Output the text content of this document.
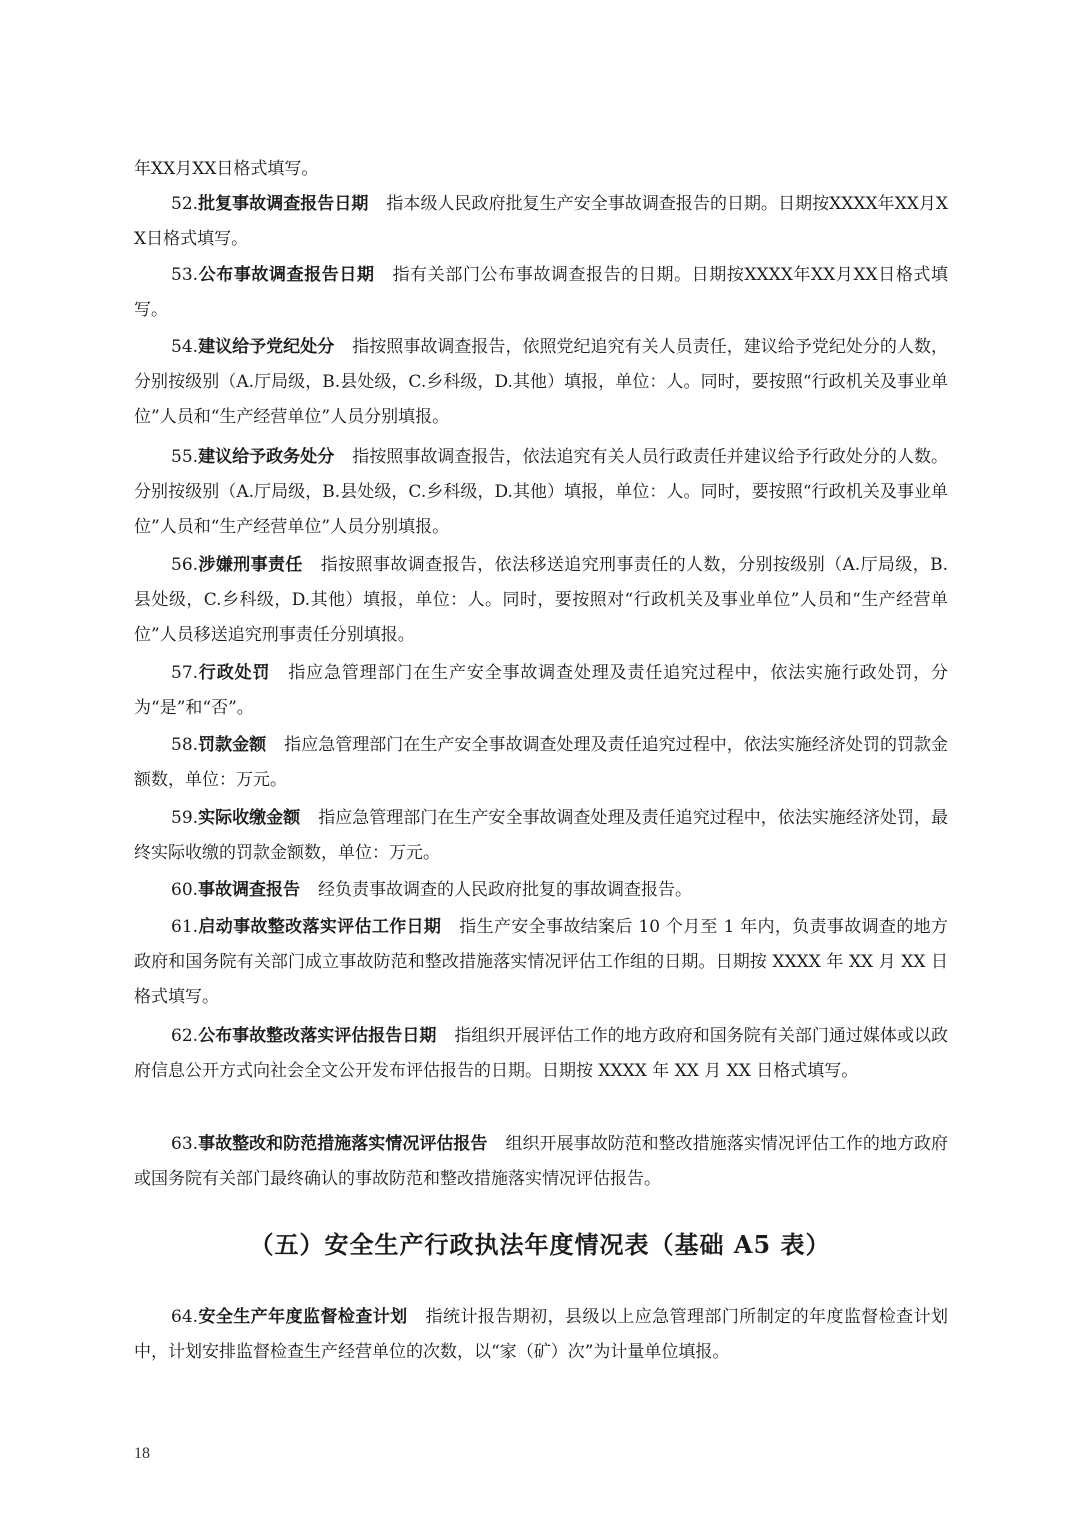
年XX月XX日格式填写。

52.批复事故调查报告日期 指本级人民政府批复生产安全事故调查报告的日期。日期按XXXX年XX月XX日格式填写。

53.公布事故调查报告日期 指有关部门公布事故调查报告的日期。日期按XXXX年XX月XX日格式填写。

54.建议给予党纪处分 指按照事故调查报告，依照党纪追究有关人员责任，建议给予党纪处分的人数，分别按级别（A.厅局级，B.县处级，C.乡科级，D.其他）填报，单位：人。同时，要按照“行政机关及事业单位”人员和“生产经营单位”人员分别填报。

55.建议给予政务处分 指按照事故调查报告，依法追究有关人员行政责任并建议给予行政处分的人数。分别按级别（A.厅局级，B.县处级，C.乡科级，D.其他）填报，单位：人。同时，要按照“行政机关及事业单位”人员和“生产经营单位”人员分别填报。

56.涉嫌刑事责任 指按照事故调查报告，依法移送追究刑事责任的人数，分别按级别（A.厅局级，B.县处级，C.乡科级，D.其他）填报，单位：人。同时，要按照对“行政机关及事业单位”人员和“生产经营单位”人员移送追究刑事责任分别填报。

57.行政处罚 指应急管理部门在生产安全事故调查处理及责任追究过程中，依法实施行政处罚，分为“是”和“否”。

58.罚款金额 指应急管理部门在生产安全事故调查处理及责任追究过程中，依法实施经济处罚的罚款金额数，单位：万元。

59.实际收缴金额 指应急管理部门在生产安全事故调查处理及责任追究过程中，依法实施经济处罚，最终实际收缴的罚款金额数，单位：万元。

60.事故调查报告 经负责事故调查的人民政府批复的事故调查报告。

61.启动事故整改落实评估工作日期 指生产安全事故结案后 10 个月至 1 年内，负责事故调查的地方政府和国务院有关部门成立事故防范和整改措施落实情况评估工作组的日期。日期按 XXXX 年 XX 月 XX 日格式填写。

62.公布事故整改落实评估报告日期 指组织开展评估工作的地方政府和国务院有关部门通过媒体或以政府信息公开方式向社会全文公开发布评估报告的日期。日期按 XXXX 年 XX 月 XX 日格式填写。

63.事故整改和防范措施落实情况评估报告 组织开展事故防范和整改措施落实情况评估工作的地方政府或国务院有关部门最终确认的事故防范和整改措施落实情况评估报告。

（五）安全生产行政执法年度情况表（基础 A5 表）

64.安全生产年度监督检查计划 指统计报告期初，县级以上应急管理部门所制定的年度监督检查计划中，计划安排监督检查生产经营单位的次数，以“家（矿）次”为计量单位填报。

18
